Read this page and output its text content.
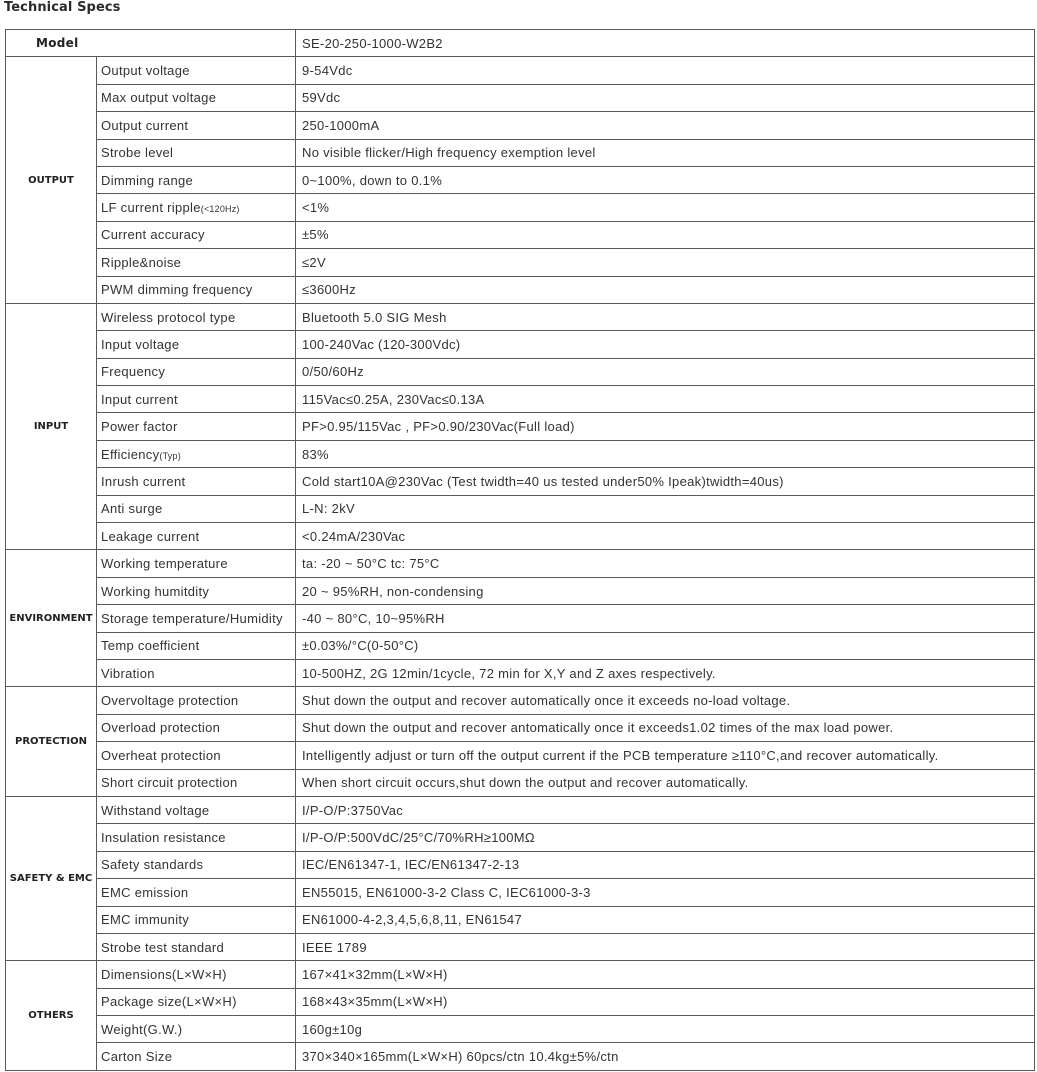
Technical Specs
Model		SE-20-250-1000-W2B2

OUTPUT	Output voltage	9-54Vdc
	Max output voltage	59Vdc
	Output current	250-1000mA
	Strobe level	No visible flicker/High frequency exemption level
	Dimming range	0~100%, down to 0.1%
	LF current ripple(<120Hz)	<1%
	Current accuracy	±5%
	Ripple&noise	≤2V
	PWM dimming frequency	≤3600Hz

INPUT	Wireless protocol type	Bluetooth 5.0 SIG Mesh
	Input voltage	100-240Vac (120-300Vdc)
	Frequency	0/50/60Hz
	Input current	115Vac≤0.25A, 230Vac≤0.13A
	Power factor	PF>0.95/115Vac , PF>0.90/230Vac(Full load)
	Efficiency(Typ)	83%
	Inrush current	Cold start10A@230Vac (Test twidth=40 us tested under50% Ipeak)twidth=40us)
	Anti surge	L-N: 2kV
	Leakage current	<0.24mA/230Vac

ENVIRONMENT	Working temperature	ta: -20 ~ 50°C tc: 75°C
	Working humitdity	20 ~ 95%RH, non-condensing
	Storage temperature/Humidity	-40 ~ 80°C, 10~95%RH
	Temp coefficient	±0.03%/°C(0-50°C)
	Vibration	10-500HZ, 2G 12min/1cycle, 72 min for X,Y and Z axes respectively.

PROTECTION	Overvoltage protection	Shut down the output and recover automatically once it exceeds no-load voltage.
	Overload protection	Shut down the output and recover antomatically once it exceeds1.02 times of the max load power.
	Overheat protection	Intelligently adjust or turn off the output current if the PCB temperature ≥110°C,and recover automatically.
	Short circuit protection	When short circuit occurs,shut down the output and recover automatically.

SAFETY & EMC	Withstand voltage	I/P-O/P:3750Vac
	Insulation resistance	I/P-O/P:500VdC/25°C/70%RH≥100MΩ
	Safety standards	IEC/EN61347-1, IEC/EN61347-2-13
	EMC emission	EN55015, EN61000-3-2 Class C, IEC61000-3-3
	EMC immunity	EN61000-4-2,3,4,5,6,8,11, EN61547
	Strobe test standard	IEEE 1789

OTHERS	Dimensions(L×W×H)	167×41×32mm(L×W×H)
	Package size(L×W×H)	168×43×35mm(L×W×H)
	Weight(G.W.)	160g±10g
	Carton Size	370×340×165mm(L×W×H) 60pcs/ctn 10.4kg±5%/ctn
